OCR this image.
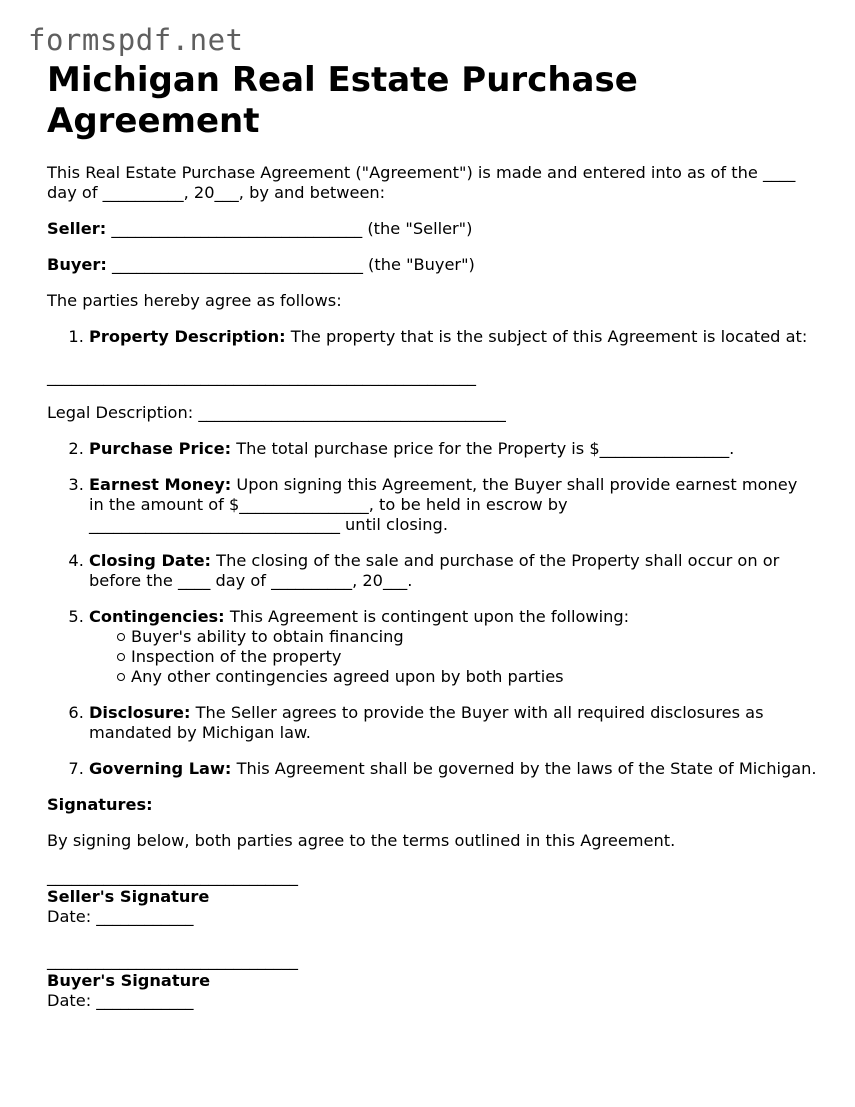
formspdf.net
Michigan Real Estate Purchase Agreement

This Real Estate Purchase Agreement ("Agreement") is made and entered into as of the ____ day of __________, 20___, by and between:

Seller: _______________________________ (the "Seller")

Buyer: _______________________________ (the "Buyer")

The parties hereby agree as follows:

1. Property Description: The property that is the subject of this Agreement is located at:
_____________________________________________________

Legal Description: ______________________________________

2. Purchase Price: The total purchase price for the Property is $________________.
3. Earnest Money: Upon signing this Agreement, the Buyer shall provide earnest money in the amount of $________________, to be held in escrow by _______________________________ until closing.
4. Closing Date: The closing of the sale and purchase of the Property shall occur on or before the ____ day of __________, 20___.
5. Contingencies: This Agreement is contingent upon the following:
Buyer's ability to obtain financing
Inspection of the property
Any other contingencies agreed upon by both parties
6. Disclosure: The Seller agrees to provide the Buyer with all required disclosures as mandated by Michigan law.
7. Governing Law: This Agreement shall be governed by the laws of the State of Michigan.

Signatures:

By signing below, both parties agree to the terms outlined in this Agreement.

_______________________________
Seller's Signature
Date: ____________
_______________________________
Buyer's Signature
Date: ____________
